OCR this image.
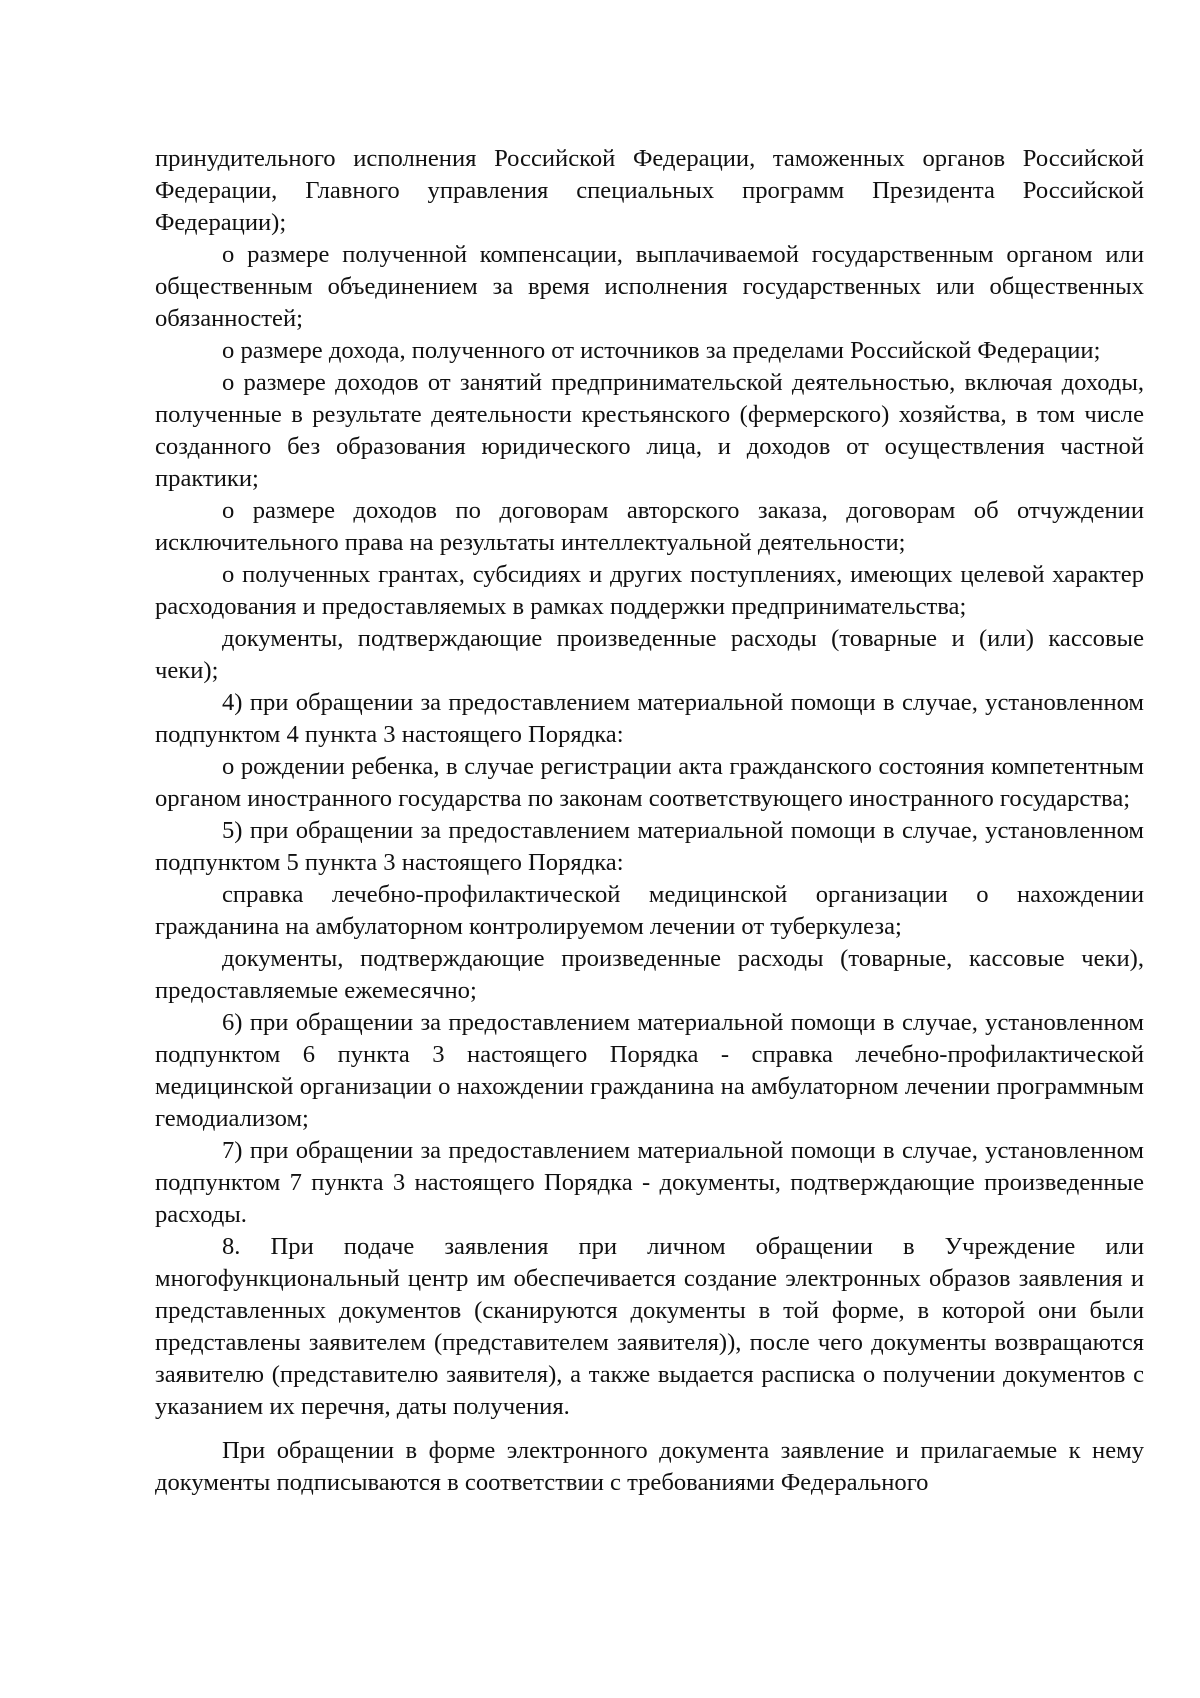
принудительного исполнения Российской Федерации, таможенных органов Российской Федерации, Главного управления специальных программ Президента Российской Федерации);

о размере полученной компенсации, выплачиваемой государственным органом или общественным объединением за время исполнения государственных или общественных обязанностей;

о размере дохода, полученного от источников за пределами Российской Федерации;

о размере доходов от занятий предпринимательской деятельностью, включая доходы, полученные в результате деятельности крестьянского (фермерского) хозяйства, в том числе созданного без образования юридического лица, и доходов от осуществления частной практики;

о размере доходов по договорам авторского заказа, договорам об отчуждении исключительного права на результаты интеллектуальной деятельности;

о полученных грантах, субсидиях и других поступлениях, имеющих целевой характер расходования и предоставляемых в рамках поддержки предпринимательства;

документы, подтверждающие произведенные расходы (товарные и (или) кассовые чеки);

4) при обращении за предоставлением материальной помощи в случае, установленном подпунктом 4 пункта 3 настоящего Порядка:

о рождении ребенка, в случае регистрации акта гражданского состояния компетентным органом иностранного государства по законам соответствующего иностранного государства;

5) при обращении за предоставлением материальной помощи в случае, установленном подпунктом 5 пункта 3 настоящего Порядка:

справка лечебно-профилактической медицинской организации о нахождении гражданина на амбулаторном контролируемом лечении от туберкулеза;

документы, подтверждающие произведенные расходы (товарные, кассовые чеки), предоставляемые ежемесячно;

6) при обращении за предоставлением материальной помощи в случае, установленном подпунктом 6 пункта 3 настоящего Порядка - справка лечебно-профилактической медицинской организации о нахождении гражданина на амбулаторном лечении программным гемодиализом;

7) при обращении за предоставлением материальной помощи в случае, установленном подпунктом 7 пункта 3 настоящего Порядка - документы, подтверждающие произведенные расходы.

8. При подаче заявления при личном обращении в Учреждение или многофункциональный центр им обеспечивается создание электронных образов заявления и представленных документов (сканируются документы в той форме, в которой они были представлены заявителем (представителем заявителя)), после чего документы возвращаются заявителю (представителю заявителя), а также выдается расписка о получении документов с указанием их перечня, даты получения.

При обращении в форме электронного документа заявление и прилагаемые к нему документы подписываются в соответствии с требованиями Федерального
